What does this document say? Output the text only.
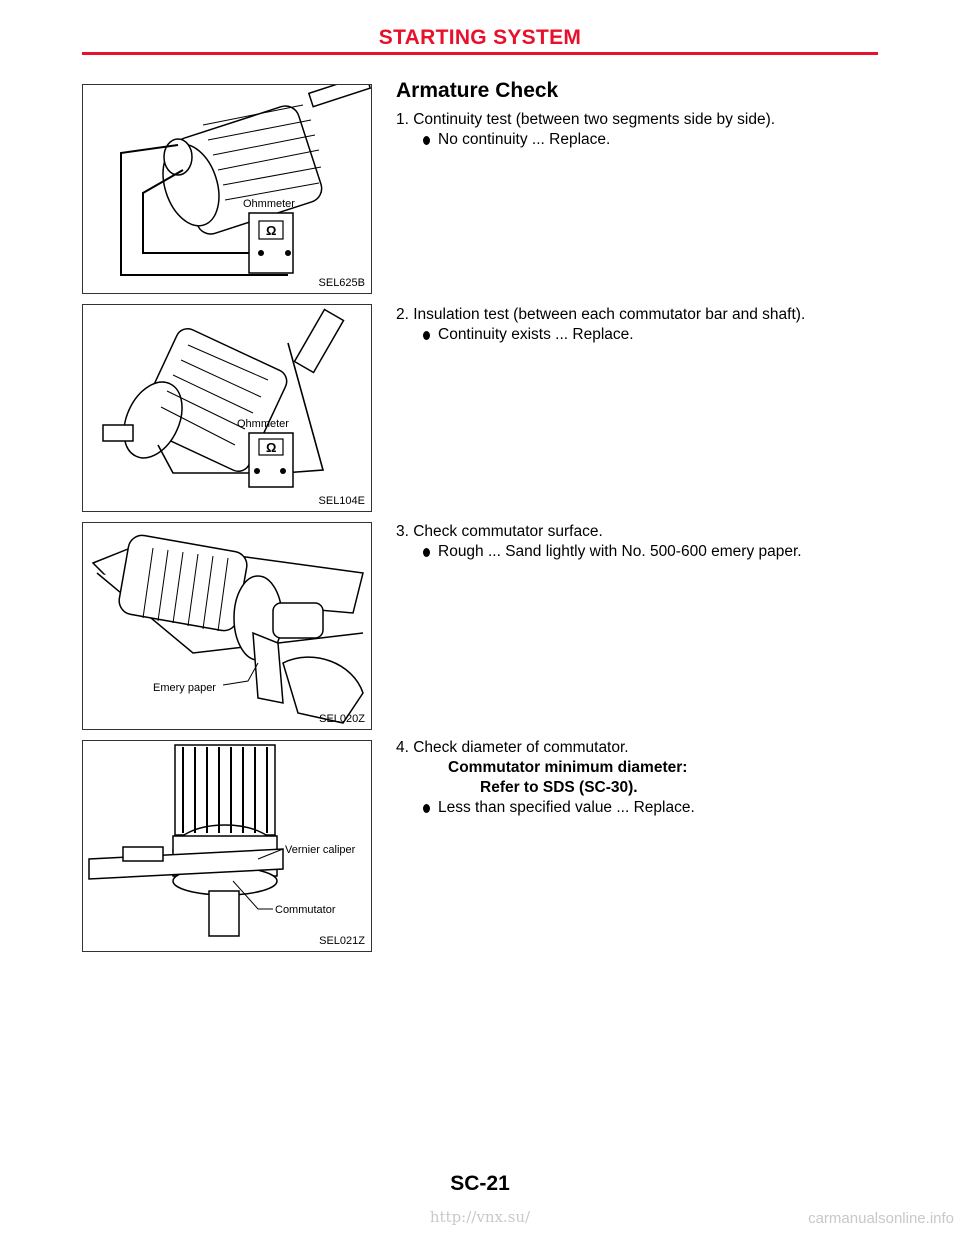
STARTING SYSTEM
Armature Check
Ohmmeter
Ω
SEL625B
Ohmmeter
Ω
SEL104E
Emery paper
SEL020Z
Vernier caliper
Commutator
SEL021Z

1. Continuity test (between two segments side by side).

No continuity ... Replace.

2. Insulation test (between each commutator bar and shaft).

Continuity exists ... Replace.

3. Check commutator surface.

Rough ... Sand lightly with No. 500-600 emery paper.

4. Check diameter of commutator.

Commutator minimum diameter:

Refer to SDS (SC-30).

Less than specified value ... Replace.

SC-21
http://vnx.su/	carmanualsonline.info
